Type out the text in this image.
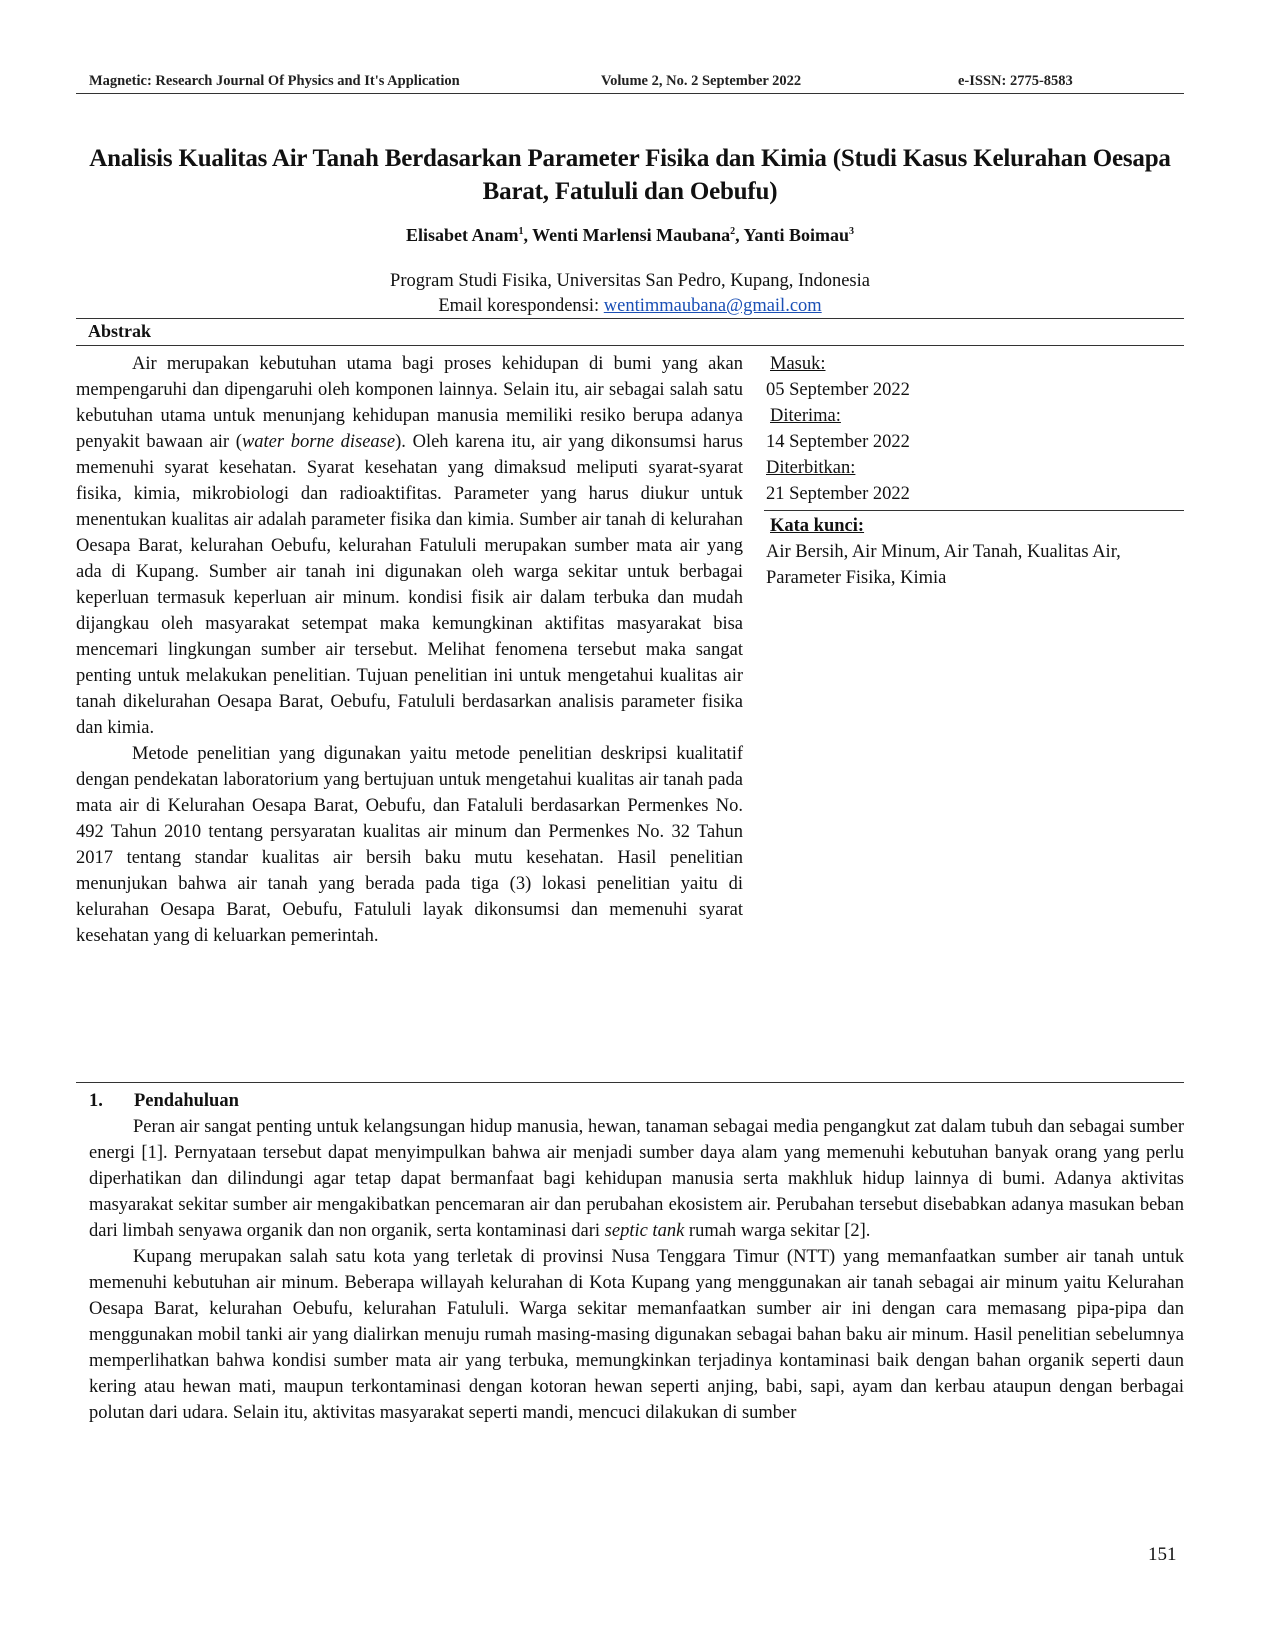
Magnetic: Research Journal Of Physics and It's Application	Volume 2, No. 2 September 2022	e-ISSN: 2775-8583
Analisis Kualitas Air Tanah Berdasarkan Parameter Fisika dan Kimia (Studi Kasus Kelurahan Oesapa Barat, Fatululi dan Oebufu)
Elisabet Anam$^1$, Wenti Marlensi Maubana$^2$, Yanti Boimau$^3$
Program Studi Fisika, Universitas San Pedro, Kupang, Indonesia
Email korespondensi: wentimmaubana@gmail.com
Abstrak

Air merupakan kebutuhan utama bagi proses kehidupan di bumi yang akan mempengaruhi dan dipengaruhi oleh komponen lainnya. Selain itu, air sebagai salah satu kebutuhan utama untuk menunjang kehidupan manusia memiliki resiko berupa adanya penyakit bawaan air (water borne disease). Oleh karena itu, air yang dikonsumsi harus memenuhi syarat kesehatan. Syarat kesehatan yang dimaksud meliputi syarat-syarat fisika, kimia, mikrobiologi dan radioaktifitas. Parameter yang harus diukur untuk menentukan kualitas air adalah parameter fisika dan kimia. Sumber air tanah di kelurahan Oesapa Barat, kelurahan Oebufu, kelurahan Fatululi merupakan sumber mata air yang ada di Kupang. Sumber air tanah ini digunakan oleh warga sekitar untuk berbagai keperluan termasuk keperluan air minum. kondisi fisik air dalam terbuka dan mudah dijangkau oleh masyarakat setempat maka kemungkinan aktifitas masyarakat bisa mencemari lingkungan sumber air tersebut. Melihat fenomena tersebut maka sangat penting untuk melakukan penelitian. Tujuan penelitian ini untuk mengetahui kualitas air tanah dikelurahan Oesapa Barat, Oebufu, Fatululi berdasarkan analisis parameter fisika dan kimia.

Metode penelitian yang digunakan yaitu metode penelitian deskripsi kualitatif dengan pendekatan laboratorium yang bertujuan untuk mengetahui kualitas air tanah pada mata air di Kelurahan Oesapa Barat, Oebufu, dan Fataluli berdasarkan Permenkes No. 492 Tahun 2010 tentang persyaratan kualitas air minum dan Permenkes No. 32 Tahun 2017 tentang standar kualitas air bersih baku mutu kesehatan. Hasil penelitian menunjukan bahwa air tanah yang berada pada tiga (3) lokasi penelitian yaitu di kelurahan Oesapa Barat, Oebufu, Fatululi layak dikonsumsi dan memenuhi syarat kesehatan yang di keluarkan pemerintah.

Masuk:
05 September 2022
Diterima:
14 September 2022
Diterbitkan:
21 September 2022
Kata kunci:
Air Bersih, Air Minum, Air Tanah, Kualitas Air, Parameter Fisika, Kimia
1. Pendahuluan

Peran air sangat penting untuk kelangsungan hidup manusia, hewan, tanaman sebagai media pengangkut zat dalam tubuh dan sebagai sumber energi [1]. Pernyataan tersebut dapat menyimpulkan bahwa air menjadi sumber daya alam yang memenuhi kebutuhan banyak orang yang perlu diperhatikan dan dilindungi agar tetap dapat bermanfaat bagi kehidupan manusia serta makhluk hidup lainnya di bumi. Adanya aktivitas masyarakat sekitar sumber air mengakibatkan pencemaran air dan perubahan ekosistem air. Perubahan tersebut disebabkan adanya masukan beban dari limbah senyawa organik dan non organik, serta kontaminasi dari septic tank rumah warga sekitar [2].

Kupang merupakan salah satu kota yang terletak di provinsi Nusa Tenggara Timur (NTT) yang memanfaatkan sumber air tanah untuk memenuhi kebutuhan air minum. Beberapa willayah kelurahan di Kota Kupang yang menggunakan air tanah sebagai air minum yaitu Kelurahan Oesapa Barat, kelurahan Oebufu, kelurahan Fatululi. Warga sekitar memanfaatkan sumber air ini dengan cara memasang pipa-pipa dan menggunakan mobil tanki air yang dialirkan menuju rumah masing-masing digunakan sebagai bahan baku air minum. Hasil penelitian sebelumnya memperlihatkan bahwa kondisi sumber mata air yang terbuka, memungkinkan terjadinya kontaminasi baik dengan bahan organik seperti daun kering atau hewan mati, maupun terkontaminasi dengan kotoran hewan seperti anjing, babi, sapi, ayam dan kerbau ataupun dengan berbagai polutan dari udara. Selain itu, aktivitas masyarakat seperti mandi, mencuci dilakukan di sumber

151
